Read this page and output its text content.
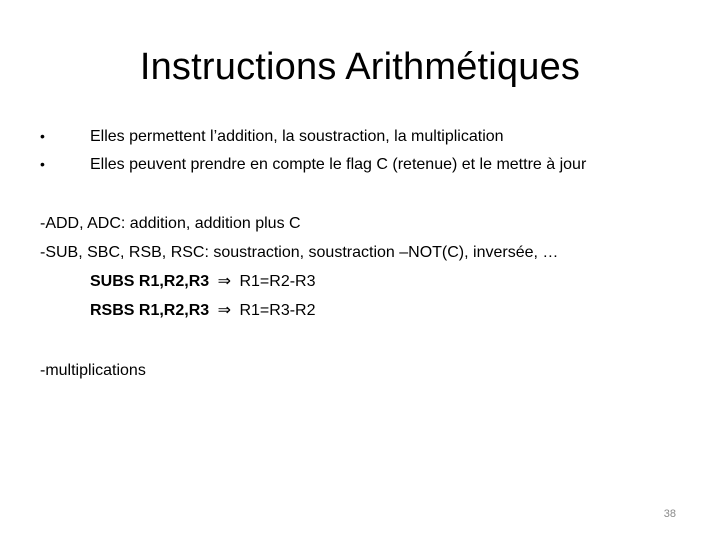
Instructions Arithmétiques
•	Elles permettent l’addition, la soustraction, la multiplication
•	Elles peuvent prendre en compte le flag C (retenue) et le mettre à jour
-ADD, ADC: addition, addition plus C
-SUB, SBC, RSB, RSC: soustraction, soustraction –NOT(C), inversée, …
SUBS R1,R2,R3 ⇒ R1=R2-R3
RSBS R1,R2,R3 ⇒ R1=R3-R2
-multiplications
38
